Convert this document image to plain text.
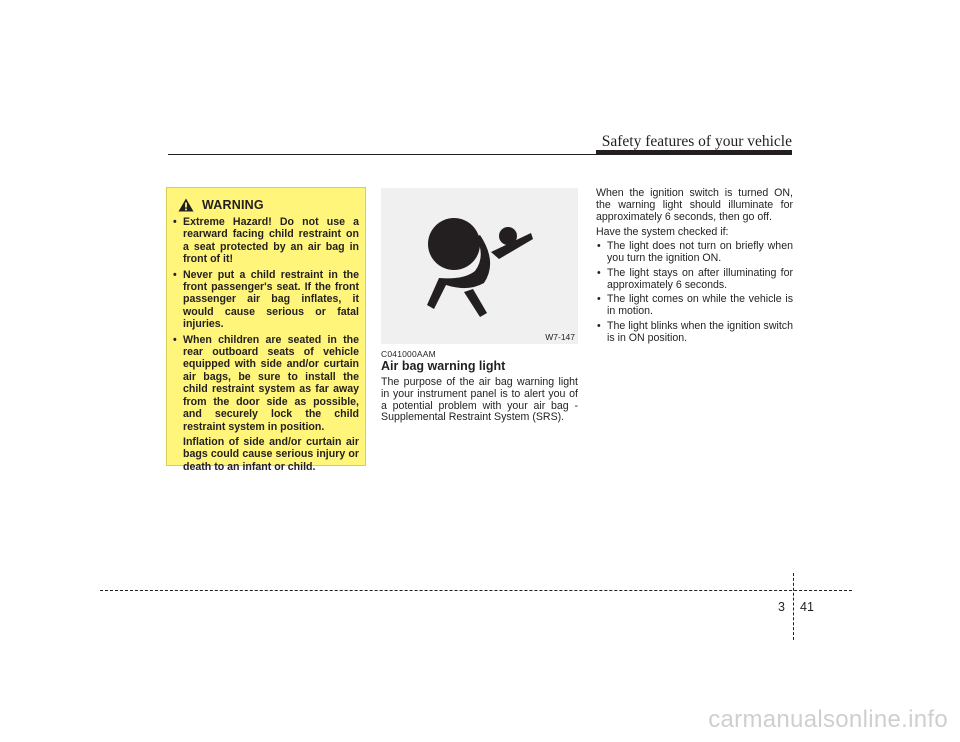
Safety features of your vehicle
WARNING
• Extreme Hazard! Do not use a rearward facing child restraint on a seat protected by an air bag in front of it!
• Never put a child restraint in the front passenger's seat. If the front passenger air bag inflates, it would cause serious or fatal injuries.
• When children are seated in the rear outboard seats of vehicle equipped with side and/or curtain air bags, be sure to install the child restraint system as far away from the door side as possible, and securely lock the child restraint system in position.
Inflation of side and/or curtain air bags could cause serious injury or death to an infant or child.
W7-147
C041000AAM
Air bag warning light

The purpose of the air bag warning light in your instrument panel is to alert you of a potential problem with your air bag - Supplemental Restraint System (SRS).

When the ignition switch is turned ON, the warning light should illuminate for approximately 6 seconds, then go off.

Have the system checked if:

• The light does not turn on briefly when you turn the ignition ON.
• The light stays on after illuminating for approximately 6 seconds.
• The light comes on while the vehicle is in motion.
• The light blinks when the ignition switch is in ON position.
3 41
carmanualsonline.info
